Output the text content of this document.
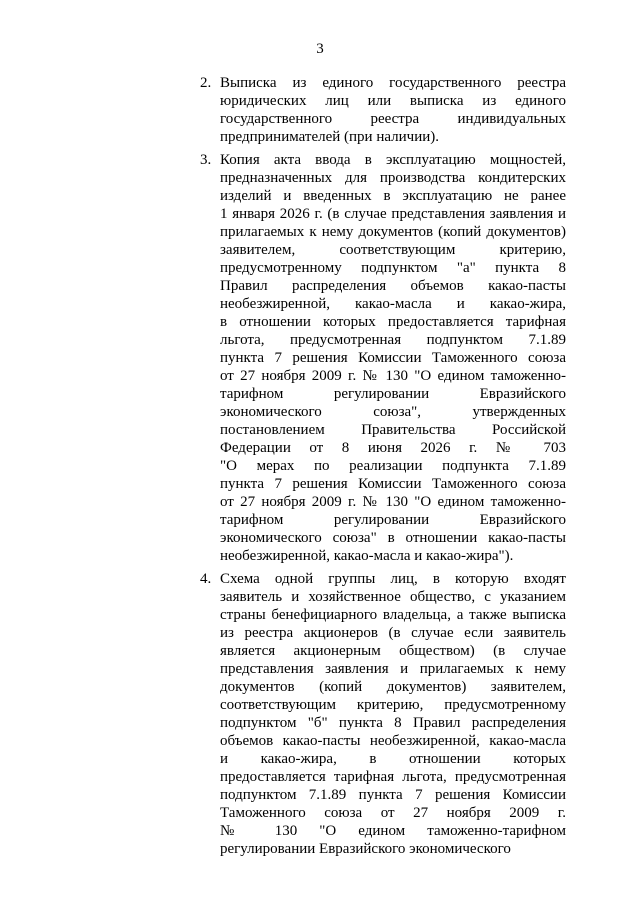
3
2. Выписка из единого государственного реестра
юридических лиц или выписка из единого
государственного реестра индивидуальных
предпринимателей (при наличии).
3. Копия акта ввода в эксплуатацию мощностей,
предназначенных для производства кондитерских
изделий и введенных в эксплуатацию не ранее
1 января 2026 г. (в случае представления заявления и
прилагаемых к нему документов (копий документов)
заявителем, соответствующим критерию,
предусмотренному подпунктом "а" пункта 8
Правил распределения объемов какао-пасты
необезжиренной, какао-масла и какао-жира,
в отношении которых предоставляется тарифная
льгота, предусмотренная подпунктом 7.1.89
пункта 7 решения Комиссии Таможенного союза
от 27 ноября 2009 г. № 130 "О едином таможенно-
тарифном регулировании Евразийского
экономического союза", утвержденных
постановлением Правительства Российской
Федерации от 8 июня 2026 г. № 703
"О мерах по реализации подпункта 7.1.89
пункта 7 решения Комиссии Таможенного союза
от 27 ноября 2009 г. № 130 "О едином таможенно-
тарифном регулировании Евразийского
экономического союза" в отношении какао-пасты
необезжиренной, какао-масла и какао-жира").
4. Схема одной группы лиц, в которую входят
заявитель и хозяйственное общество, с указанием
страны бенефициарного владельца, а также выписка
из реестра акционеров (в случае если заявитель
является акционерным обществом) (в случае
представления заявления и прилагаемых к нему
документов (копий документов) заявителем,
соответствующим критерию, предусмотренному
подпунктом "б" пункта 8 Правил распределения
объемов какао-пасты необезжиренной, какао-масла
и какао-жира, в отношении которых
предоставляется тарифная льгота, предусмотренная
подпунктом 7.1.89 пункта 7 решения Комиссии
Таможенного союза от 27 ноября 2009 г.
№ 130 "О едином таможенно-тарифном
регулировании Евразийского экономического
